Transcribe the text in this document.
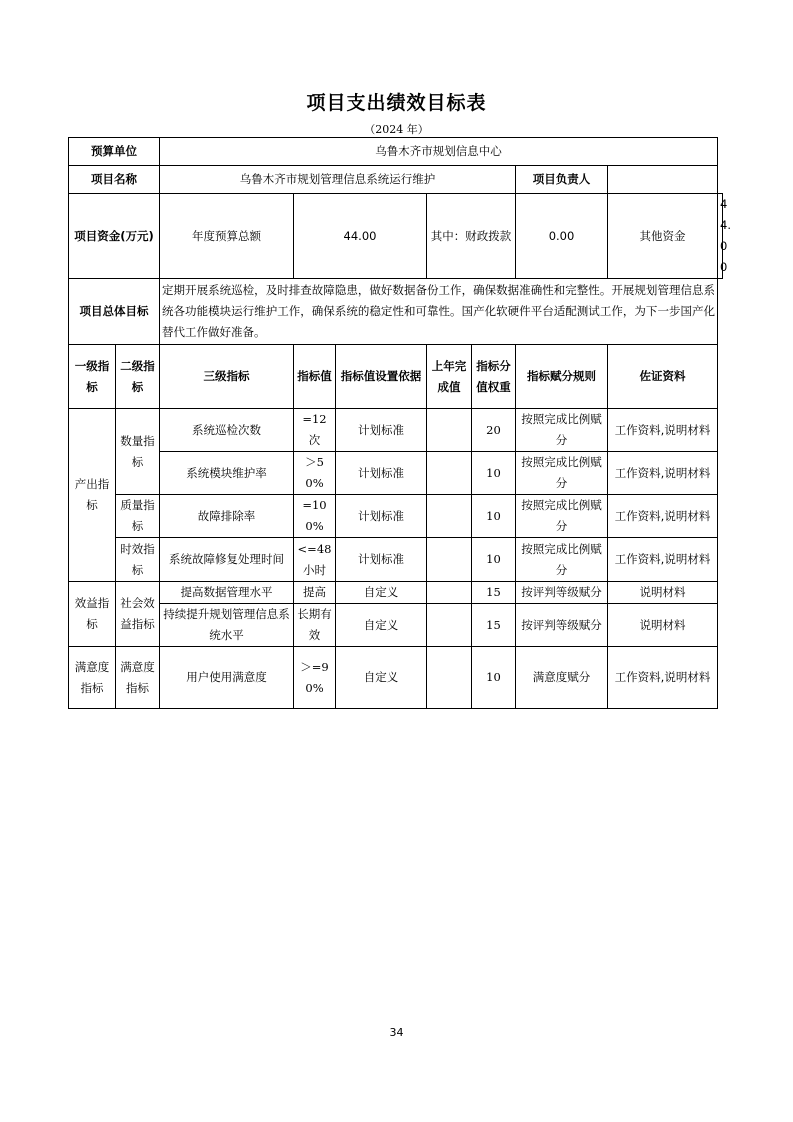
项目支出绩效目标表
（2024 年）
预算单位		乌鲁木齐市规划信息中心							
项目名称		乌鲁木齐市规划管理信息系统运行维护					项目负责人		
项目资金(万元)		年度预算总额	44.00		其中：财政拨款		0.00	其他资金	44.00
项目总体目标		定期开展系统巡检，及时排查故障隐患，做好数据备份工作，确保数据准确性和完整性。开展规划管理信息系统各功能模块运行维护工作，确保系统的稳定性和可靠性。国产化软硬件平台适配测试工作，为下一步国产化替代工作做好准备。							

一级指标	二级指标	三级指标	指标值	指标值设置依据	上年完成值	指标分值权重	指标赋分规则	佐证资料	
产出指标	数量指标	系统巡检次数	=12 次	计划标准		20	按照完成比例赋分	工作资料,说明材料	
		系统模块维护率	＞50%	计划标准		10	按照完成比例赋分	工作资料,说明材料	
	质量指标	故障排除率	=100%	计划标准		10	按照完成比例赋分	工作资料,说明材料	
	时效指标	系统故障修复处理时间	<=48小时	计划标准		10	按照完成比例赋分	工作资料,说明材料	
效益指标	社会效益指标	提高数据管理水平	提高	自定义		15	按评判等级赋分	说明材料	
		持续提升规划管理信息系统水平	长期有效	自定义		15	按评判等级赋分	说明材料	
满意度指标	满意度指标	用户使用满意度	＞=90%	自定义		10	满意度赋分	工作资料,说明材料	
34
